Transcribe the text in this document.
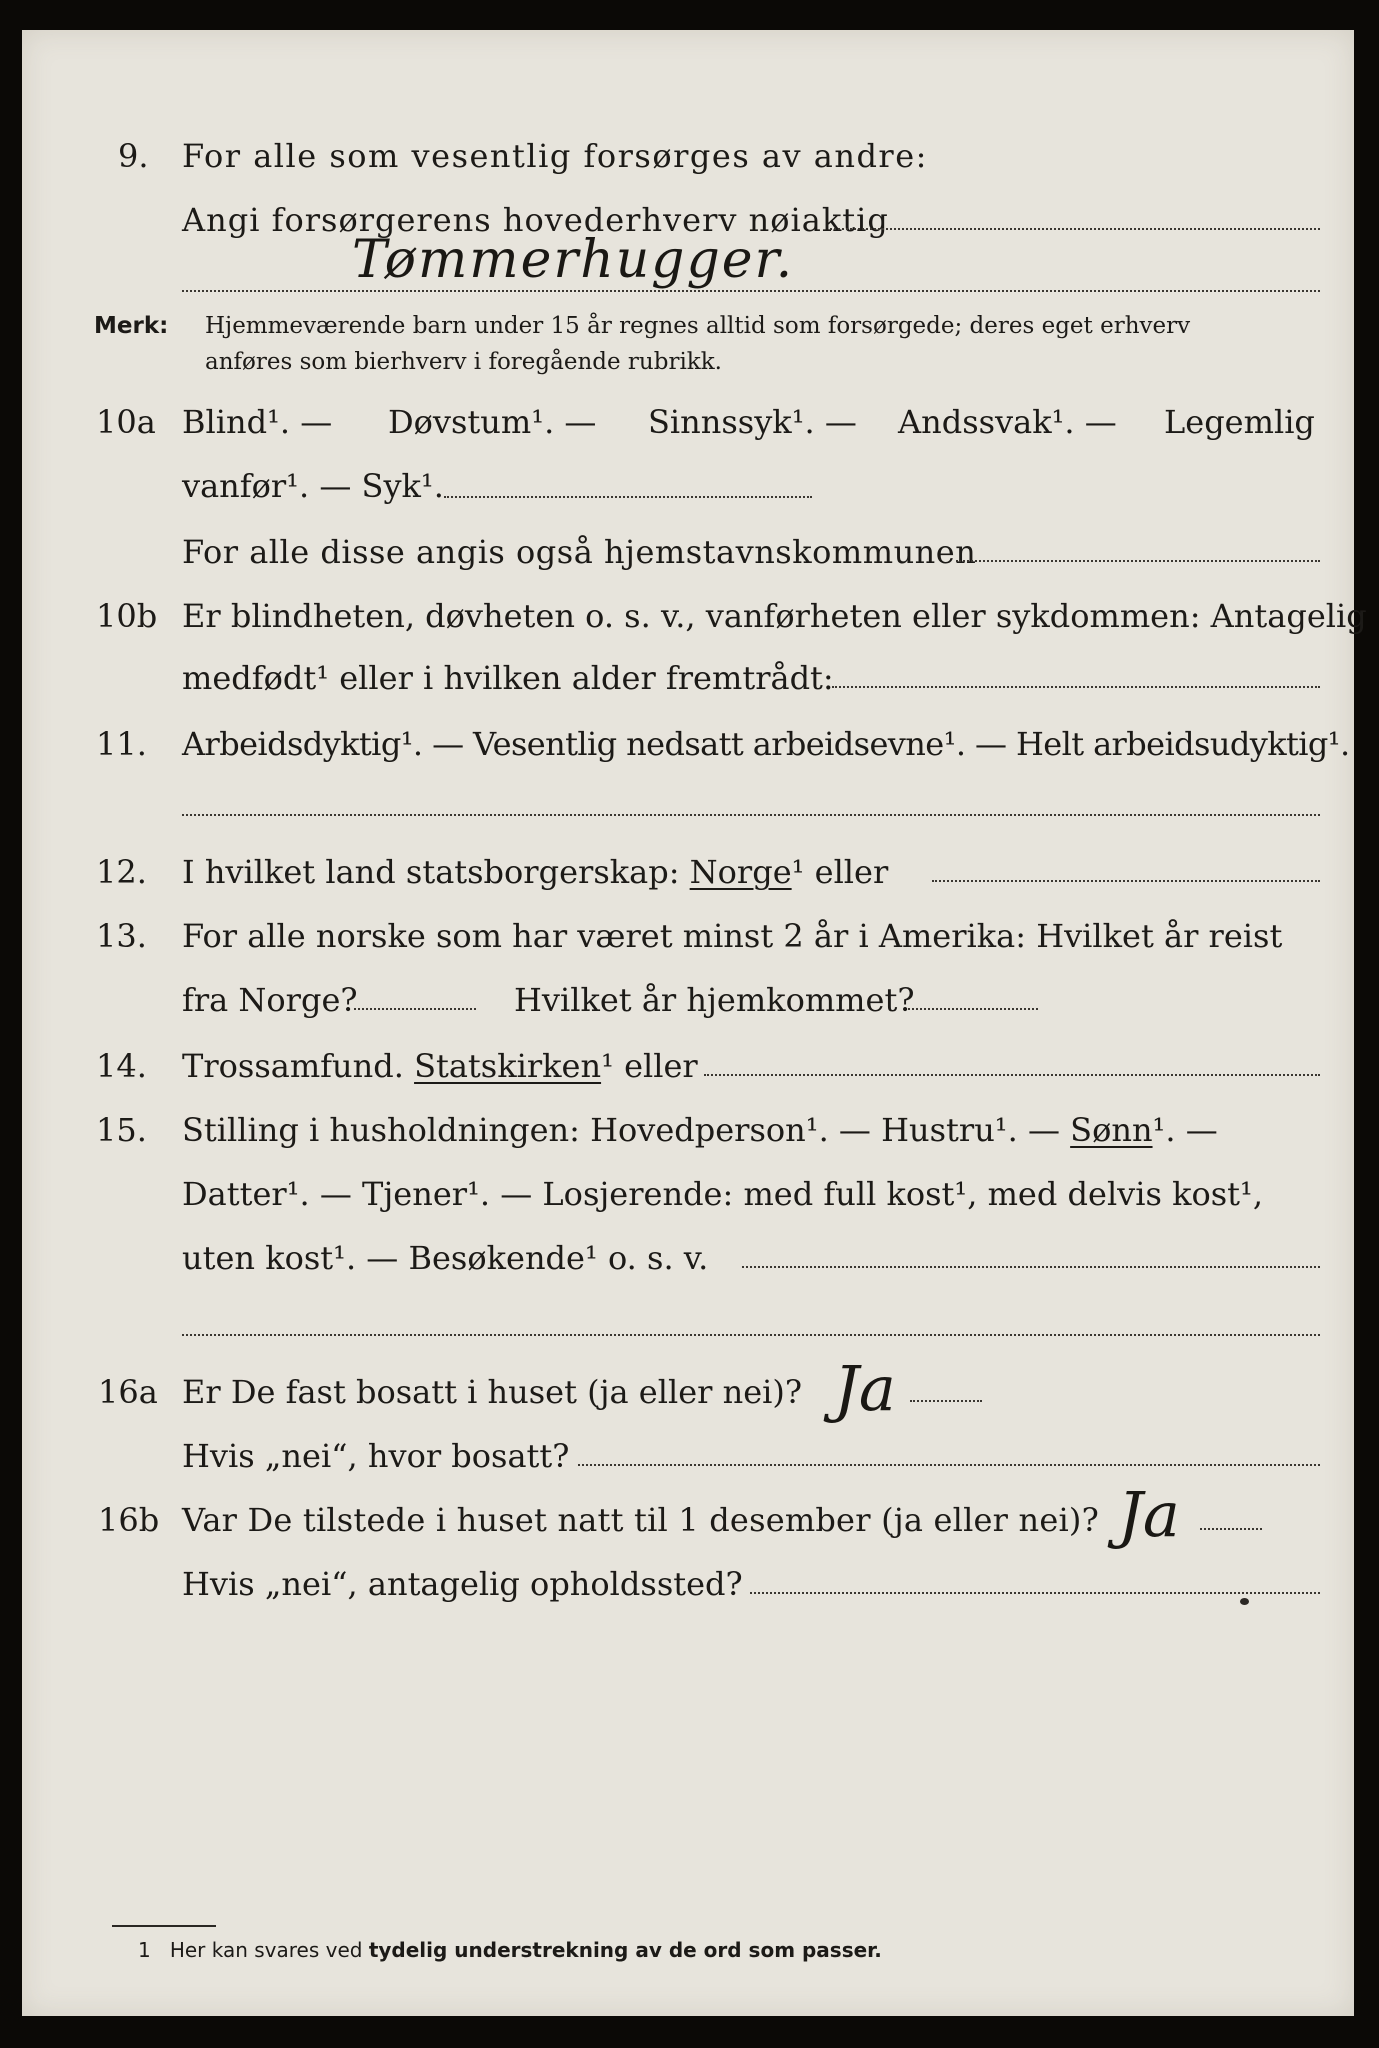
9. For alle som vesentlig forsørges av andre:
Angi forsørgerens hovederhverv nøiaktig
Tømmerhugger.
Merk: Hjemmeværende barn under 15 år regnes alltid som forsørgede; deres eget erhverv
anføres som bierhverv i foregående rubrikk.
10a Blind¹. — Døvstum¹. — Sinnssyk¹. — Andssvak¹. — Legemlig
vanfør¹. — Syk¹.
For alle disse angis også hjemstavnskommunen
10b Er blindheten, døvheten o. s. v., vanførheten eller sykdommen: Antagelig
medfødt¹ eller i hvilken alder fremtrådt:
11. Arbeidsdyktig¹. — Vesentlig nedsatt arbeidsevne¹. — Helt arbeidsudyktig¹.
12. I hvilket land statsborgerskap: Norge¹ eller
13. For alle norske som har været minst 2 år i Amerika: Hvilket år reist
fra Norge?	Hvilket år hjemkommet?
14. Trossamfund. Statskirken¹ eller
15. Stilling i husholdningen: Hovedperson¹. — Hustru¹. — Sønn¹. —
Datter¹. — Tjener¹. — Losjerende: med full kost¹, med delvis kost¹,
uten kost¹. — Besøkende¹ o. s. v.
16a Er De fast bosatt i huset (ja eller nei)? Ja
Hvis „nei“, hvor bosatt?
16b Var De tilstede i huset natt til 1 desember (ja eller nei)? Ja
Hvis „nei“, antagelig opholdssted?
1 Her kan svares ved tydelig understrekning av de ord som passer.
